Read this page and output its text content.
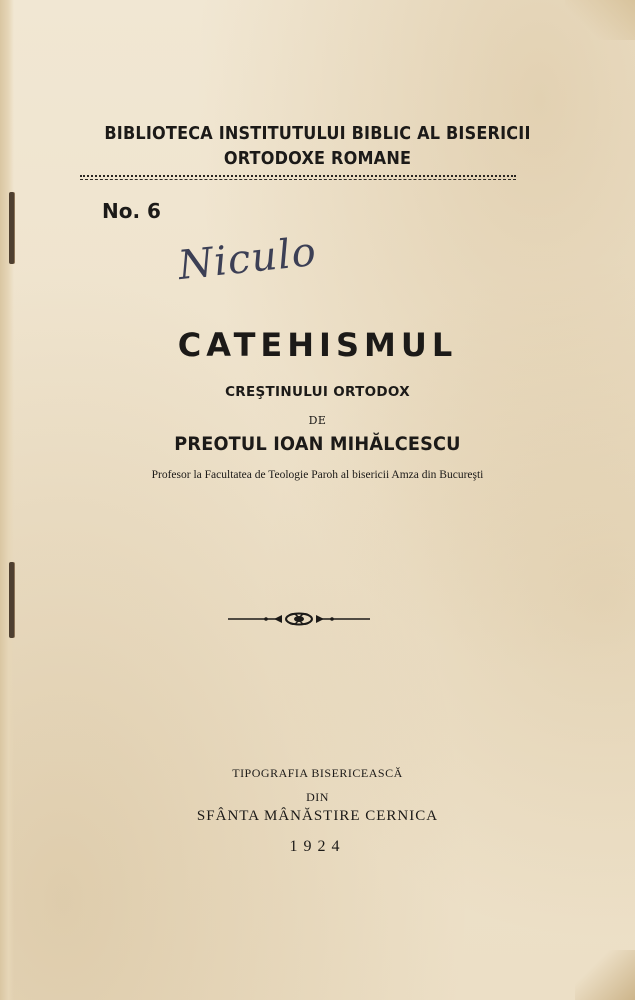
BIBLIOTECA INSTITUTULUI BIBLIC AL BISERICII
ORTODOXE ROMANE
No. 6
Niculo
CATEHISMUL
CREŞTINULUI ORTODOX
DE
PREOTUL IOAN MIHĂLCESCU
Profesor la Facultatea de Teologie Paroh al bisericii Amza din Bucureşti
TIPOGRAFIA BISERICEASCĂ
DIN
SFÂNTA MÂNĂSTIRE CERNICA
1924
